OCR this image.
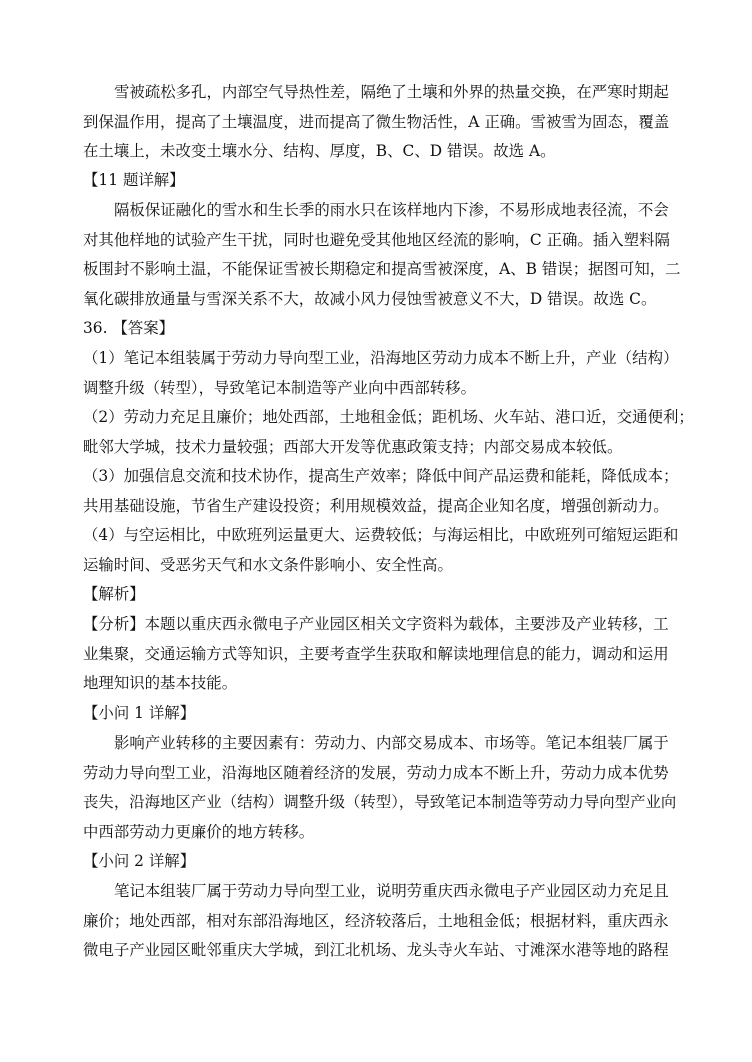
雪被疏松多孔，内部空气导热性差，隔绝了土壤和外界的热量交换，在严寒时期起
到保温作用，提高了土壤温度，进而提高了微生物活性，A 正确。雪被雪为固态，覆盖
在土壤上，未改变土壤水分、结构、厚度，B、C、D 错误。故选 A。
【11 题详解】
隔板保证融化的雪水和生长季的雨水只在该样地内下渗，不易形成地表径流，不会
对其他样地的试验产生干扰，同时也避免受其他地区经流的影响，C 正确。插入塑料隔
板围封不影响土温，不能保证雪被长期稳定和提高雪被深度，A、B 错误；据图可知，二
氧化碳排放通量与雪深关系不大，故减小风力侵蚀雪被意义不大，D 错误。故选 C。
36. 【答案】
（1）笔记本组装属于劳动力导向型工业，沿海地区劳动力成本不断上升，产业（结构）
调整升级（转型），导致笔记本制造等产业向中西部转移。
（2）劳动力充足且廉价；地处西部，土地租金低；距机场、火车站、港口近，交通便利；
毗邻大学城，技术力量较强；西部大开发等优惠政策支持；内部交易成本较低。
（3）加强信息交流和技术协作，提高生产效率；降低中间产品运费和能耗，降低成本；
共用基础设施，节省生产建设投资；利用规模效益，提高企业知名度，增强创新动力。
（4）与空运相比，中欧班列运量更大、运费较低；与海运相比，中欧班列可缩短运距和
运输时间、受恶劣天气和水文条件影响小、安全性高。
【解析】
【分析】本题以重庆西永微电子产业园区相关文字资料为载体，主要涉及产业转移，工
业集聚，交通运输方式等知识，主要考查学生获取和解读地理信息的能力，调动和运用
地理知识的基本技能。
【小问 1 详解】
影响产业转移的主要因素有：劳动力、内部交易成本、市场等。笔记本组装厂属于
劳动力导向型工业，沿海地区随着经济的发展，劳动力成本不断上升，劳动力成本优势
丧失，沿海地区产业（结构）调整升级（转型），导致笔记本制造等劳动力导向型产业向
中西部劳动力更廉价的地方转移。
【小问 2 详解】
笔记本组装厂属于劳动力导向型工业，说明劳重庆西永微电子产业园区动力充足且
廉价；地处西部，相对东部沿海地区，经济较落后，土地租金低；根据材料，重庆西永
微电子产业园区毗邻重庆大学城，到江北机场、龙头寺火车站、寸滩深水港等地的路程
